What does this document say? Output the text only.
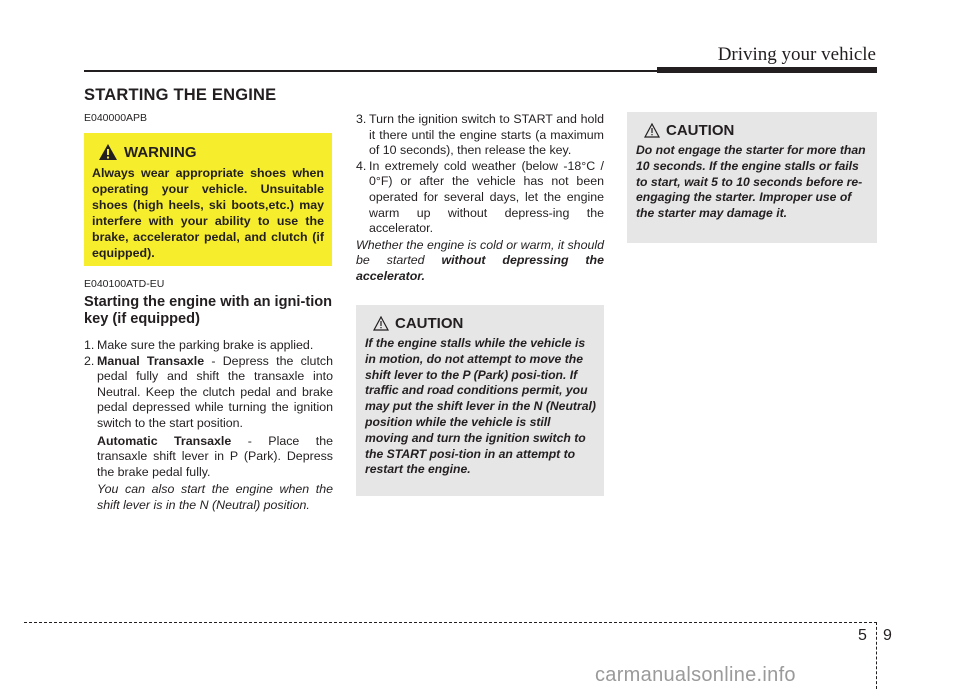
Driving your vehicle
STARTING THE ENGINE
E040000APB
WARNING
Always wear appropriate shoes when operating your vehicle. Unsuitable shoes (high heels, ski boots,etc.) may interfere with your ability to use the brake, accelerator pedal, and clutch (if equipped).
E040100ATD-EU
Starting the engine with an igni-tion key (if equipped)
1. Make sure the parking brake is applied.
2. Manual Transaxle - Depress the clutch pedal fully and shift the transaxle into Neutral. Keep the clutch pedal and brake pedal depressed while turning the ignition switch to the start position.

Automatic Transaxle - Place the transaxle shift lever in P (Park). Depress the brake pedal fully.

You can also start the engine when the shift lever is in the N (Neutral) position.

3. Turn the ignition switch to START and hold it there until the engine starts (a maximum of 10 seconds), then release the key.
4. In extremely cold weather (below -18°C / 0°F) or after the vehicle has not been operated for several days, let the engine warm up without depress-ing the accelerator.

Whether the engine is cold or warm, it should be started without depressing the accelerator.

CAUTION
If the engine stalls while the vehicle is in motion, do not attempt to move the shift lever to the P (Park) posi-tion. If traffic and road conditions permit, you may put the shift lever in the N (Neutral) position while the vehicle is still moving and turn the ignition switch to the START posi-tion in an attempt to restart the engine.
CAUTION
Do not engage the starter for more than 10 seconds. If the engine stalls or fails to start, wait 5 to 10 seconds before re-engaging the starter. Improper use of the starter may damage it.
5 9
carmanualsonline.info
